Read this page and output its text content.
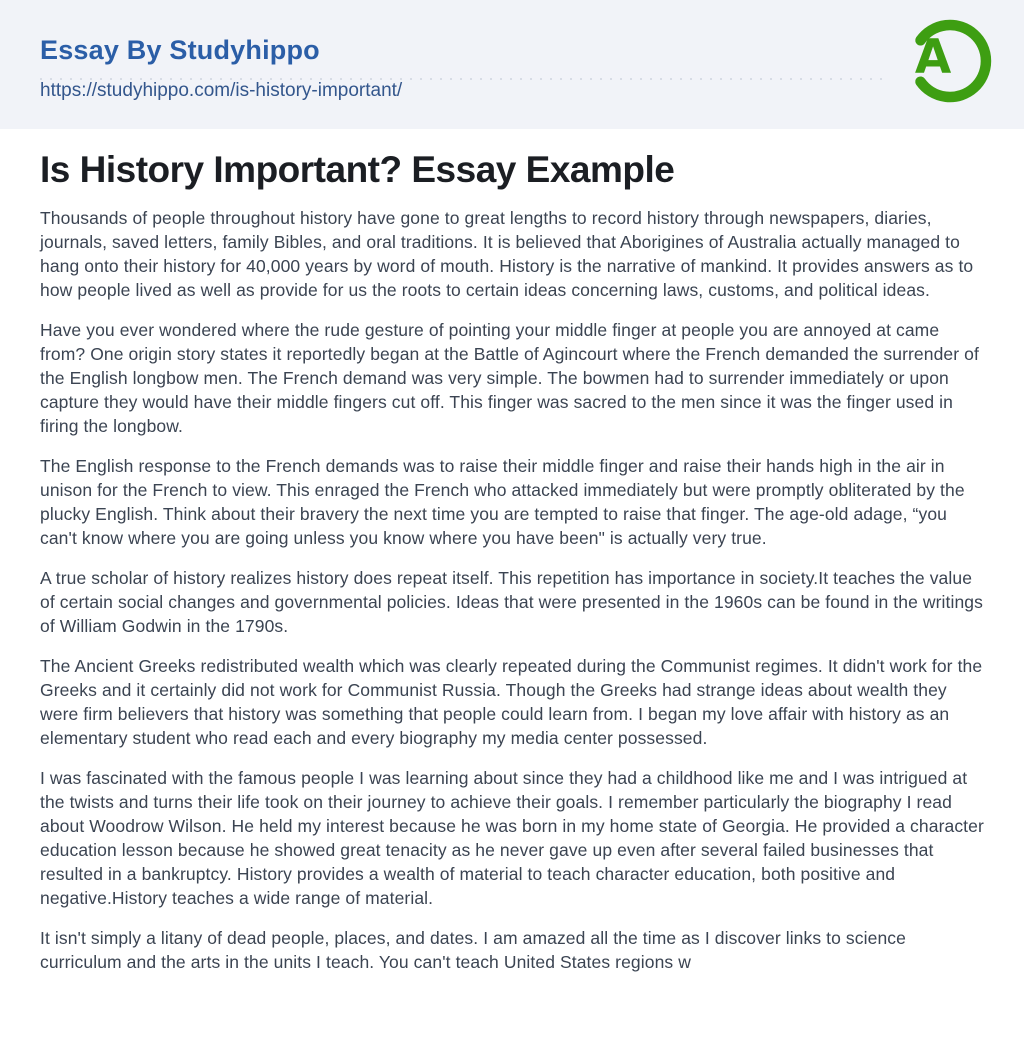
Essay By Studyhippo
https://studyhippo.com/is-history-important/
A
Is History Important? Essay Example

Thousands of people throughout history have gone to great lengths to record history through newspapers, diaries, journals, saved letters, family Bibles, and oral traditions. It is believed that Aborigines of Australia actually managed to hang onto their history for 40,000 years by word of mouth. History is the narrative of mankind. It provides answers as to how people lived as well as provide for us the roots to certain ideas concerning laws, customs, and political ideas.

Have you ever wondered where the rude gesture of pointing your middle finger at people you are annoyed at came from? One origin story states it reportedly began at the Battle of Agincourt where the French demanded the surrender of the English longbow men. The French demand was very simple. The bowmen had to surrender immediately or upon capture they would have their middle fingers cut off. This finger was sacred to the men since it was the finger used in firing the longbow.

The English response to the French demands was to raise their middle finger and raise their hands high in the air in unison for the French to view. This enraged the French who attacked immediately but were promptly obliterated by the plucky English. Think about their bravery the next time you are tempted to raise that finger. The age-old adage, “you can't know where you are going unless you know where you have been" is actually very true.

A true scholar of history realizes history does repeat itself. This repetition has importance in society.It teaches the value of certain social changes and governmental policies. Ideas that were presented in the 1960s can be found in the writings of William Godwin in the 1790s.

The Ancient Greeks redistributed wealth which was clearly repeated during the Communist regimes. It didn't work for the Greeks and it certainly did not work for Communist Russia. Though the Greeks had strange ideas about wealth they were firm believers that history was something that people could learn from. I began my love affair with history as an elementary student who read each and every biography my media center possessed.

I was fascinated with the famous people I was learning about since they had a childhood like me and I was intrigued at the twists and turns their life took on their journey to achieve their goals. I remember particularly the biography I read about Woodrow Wilson. He held my interest because he was born in my home state of Georgia. He provided a character education lesson because he showed great tenacity as he never gave up even after several failed businesses that resulted in a bankruptcy. History provides a wealth of material to teach character education, both positive and negative.History teaches a wide range of material.

It isn't simply a litany of dead people, places, and dates. I am amazed all the time as I discover links to science curriculum and the arts in the units I teach. You can't teach United States regions w
